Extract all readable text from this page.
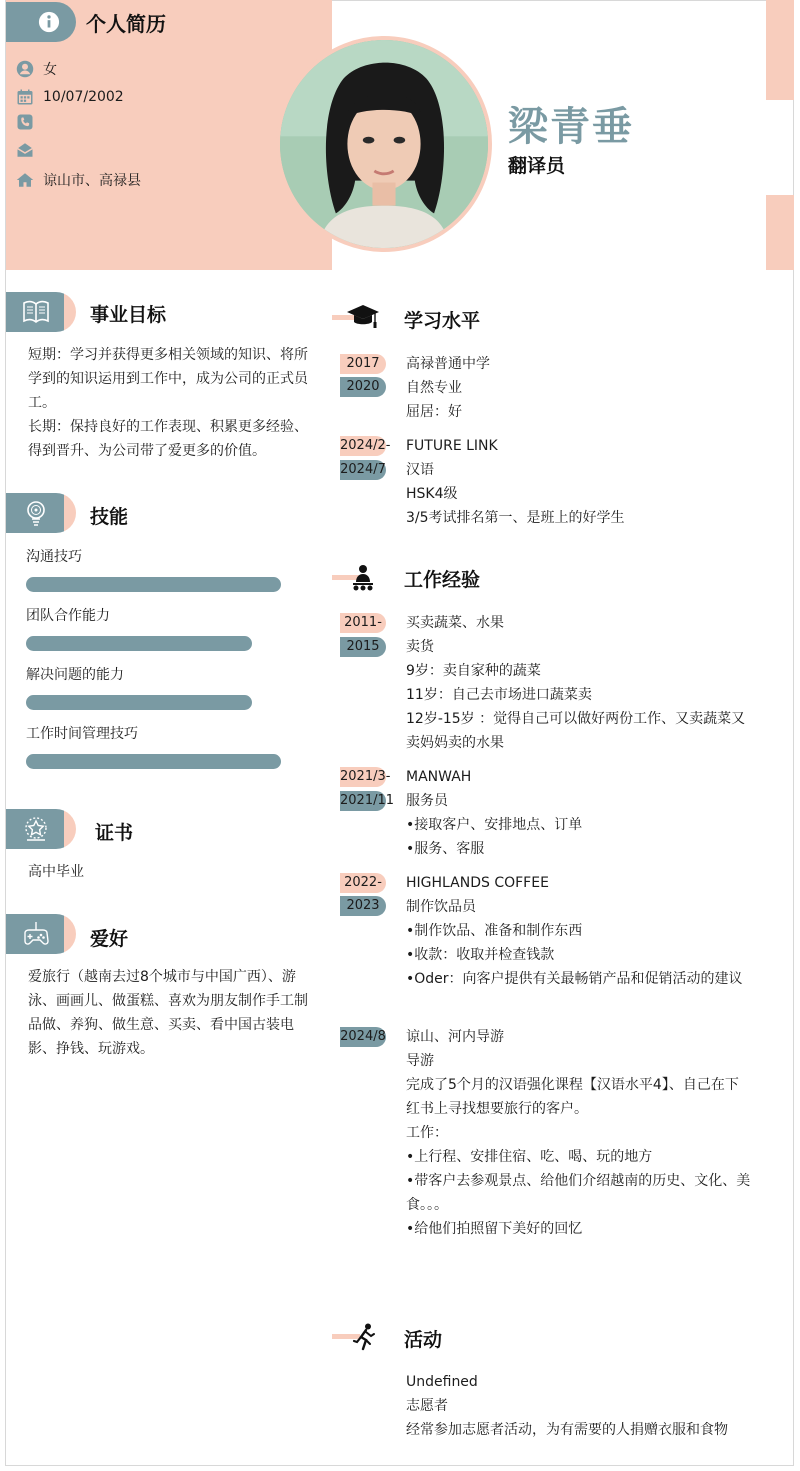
个人简历
女
10/07/2002
谅山市、高禄县
梁青垂
翻译员
事业目标
短期：学习并获得更多相关领域的知识、将所学到的知识运用到工作中，成为公司的正式员工。
长期：保持良好的工作表现、积累更多经验、得到晋升、为公司带了爱更多的价值。
技能
沟通技巧
团队合作能力
解决问题的能力
工作时间管理技巧
证书
高中毕业
爱好
爱旅行（越南去过8个城市与中国广西）、游泳、画画儿、做蛋糕、喜欢为朋友制作手工制品做、养狗、做生意、买卖、看中国古装电影、挣钱、玩游戏。
学习水平
2017
2020
高禄普通中学
自然专业
屈居：好
2024/2-
2024/7
FUTURE LINK
汉语
HSK4级
3/5考试排名第一、是班上的好学生
工作经验
2011-
2015
买卖蔬菜、水果
卖货
9岁：卖自家种的蔬菜
11岁：自己去市场进口蔬菜卖
12岁-15岁 ：觉得自己可以做好两份工作、又卖蔬菜又卖妈妈卖的水果
2021/3-
2021/11
MANWAH
服务员
•接取客户、安排地点、订单
•服务、客服
2022-
2023
HIGHLANDS COFFEE
制作饮品员
•制作饮品、准备和制作东西
•收款：收取并检查钱款
•Oder：向客户提供有关最畅销产品和促销活动的建议
2024/8 谅山、河内导游
导游
完成了5个月的汉语强化课程【汉语水平4】、自己在下红书上寻找想要旅行的客户。
工作：
•上行程、安排住宿、吃、喝、玩的地方
•带客户去参观景点、给他们介绍越南的历史、文化、美食。。。
•给他们拍照留下美好的回忆
活动
Undefined
志愿者
经常参加志愿者活动，为有需要的人捐赠衣服和食物
